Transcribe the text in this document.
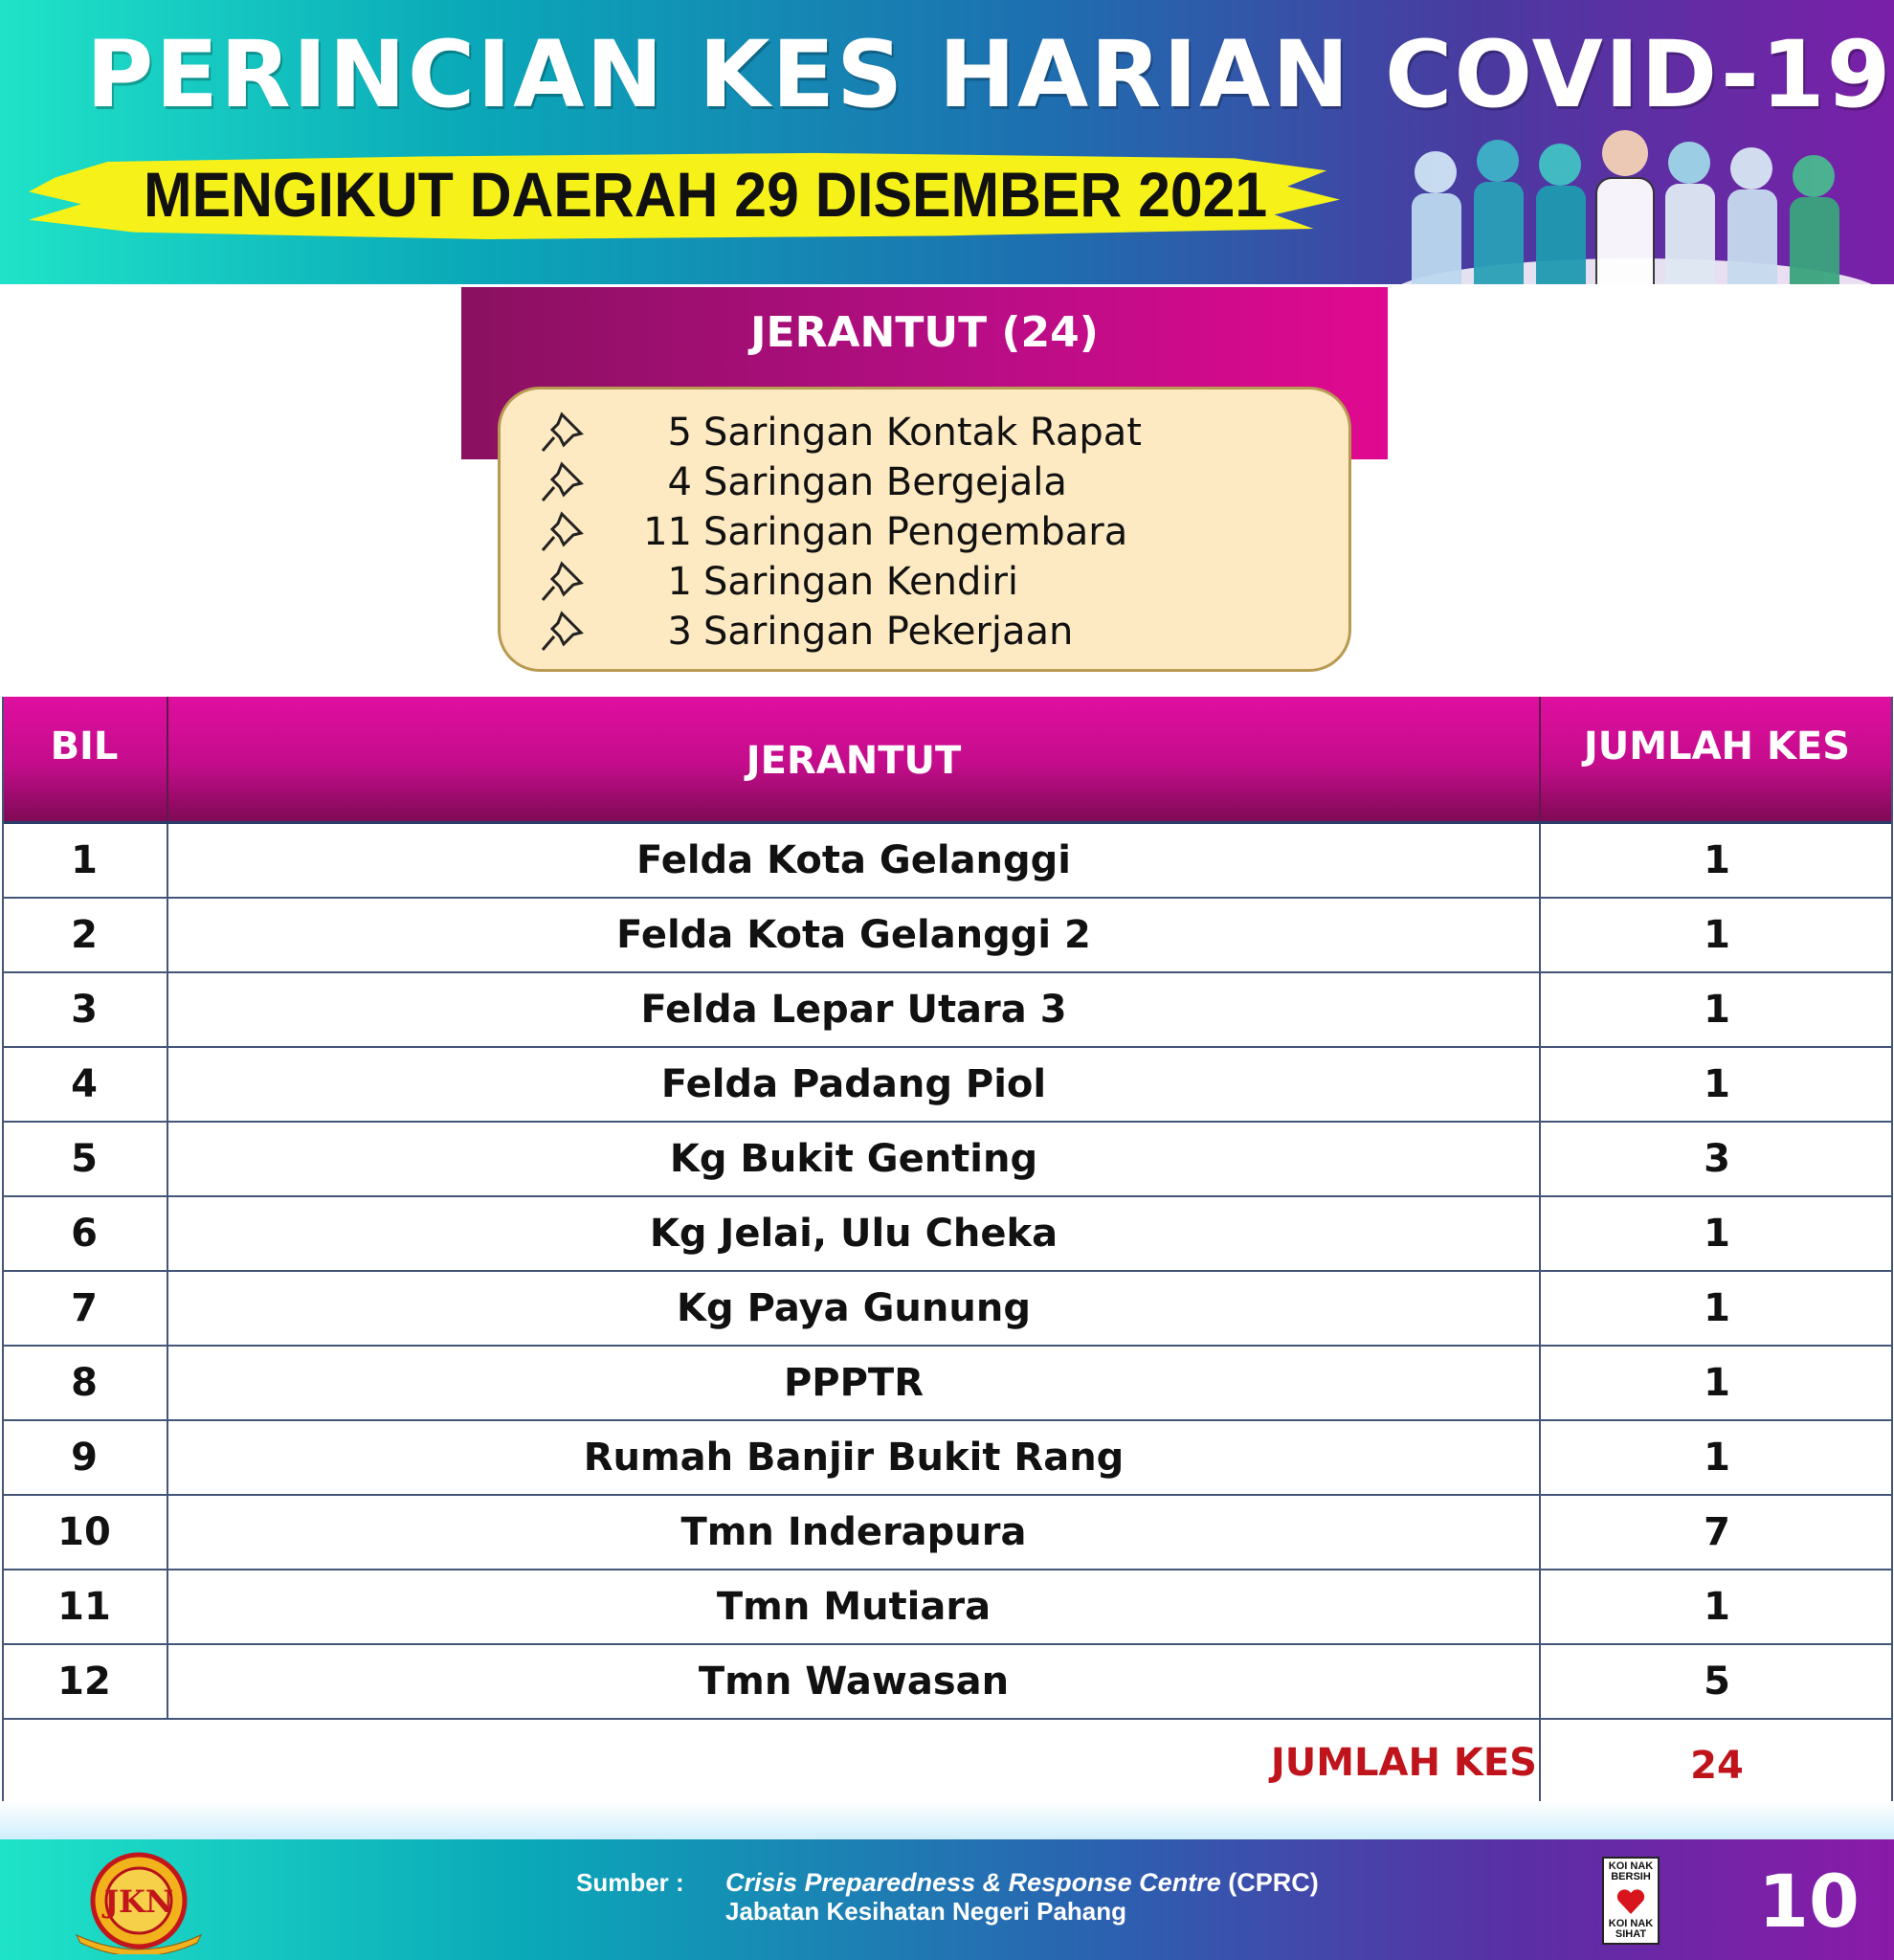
PERINCIAN KES HARIAN COVID-19
MENGIKUT DAERAH 29 DISEMBER 2021
JERANTUT (24)
5 Saringan Kontak Rapat
4 Saringan Bergejala
11 Saringan Pengembara
1 Saringan Kendiri
3 Saringan Pekerjaan
BIL	JERANTUT	JUMLAH KES
1	Felda Kota Gelanggi	1
2	Felda Kota Gelanggi 2	1
3	Felda Lepar Utara 3	1
4	Felda Padang Piol	1
5	Kg Bukit Genting	3
6	Kg Jelai, Ulu Cheka	1
7	Kg Paya Gunung	1
8	PPPTR	1
9	Rumah Banjir Bukit Rang	1
10	Tmn Inderapura	7
11	Tmn Mutiara	1
12	Tmn Wawasan	5
JUMLAH KES	24
JKN
Sumber : Crisis Preparedness & Response Centre (CPRC)
Jabatan Kesihatan Negeri Pahang
KOI NAK BERSIH
KOI NAK SIHAT 10
